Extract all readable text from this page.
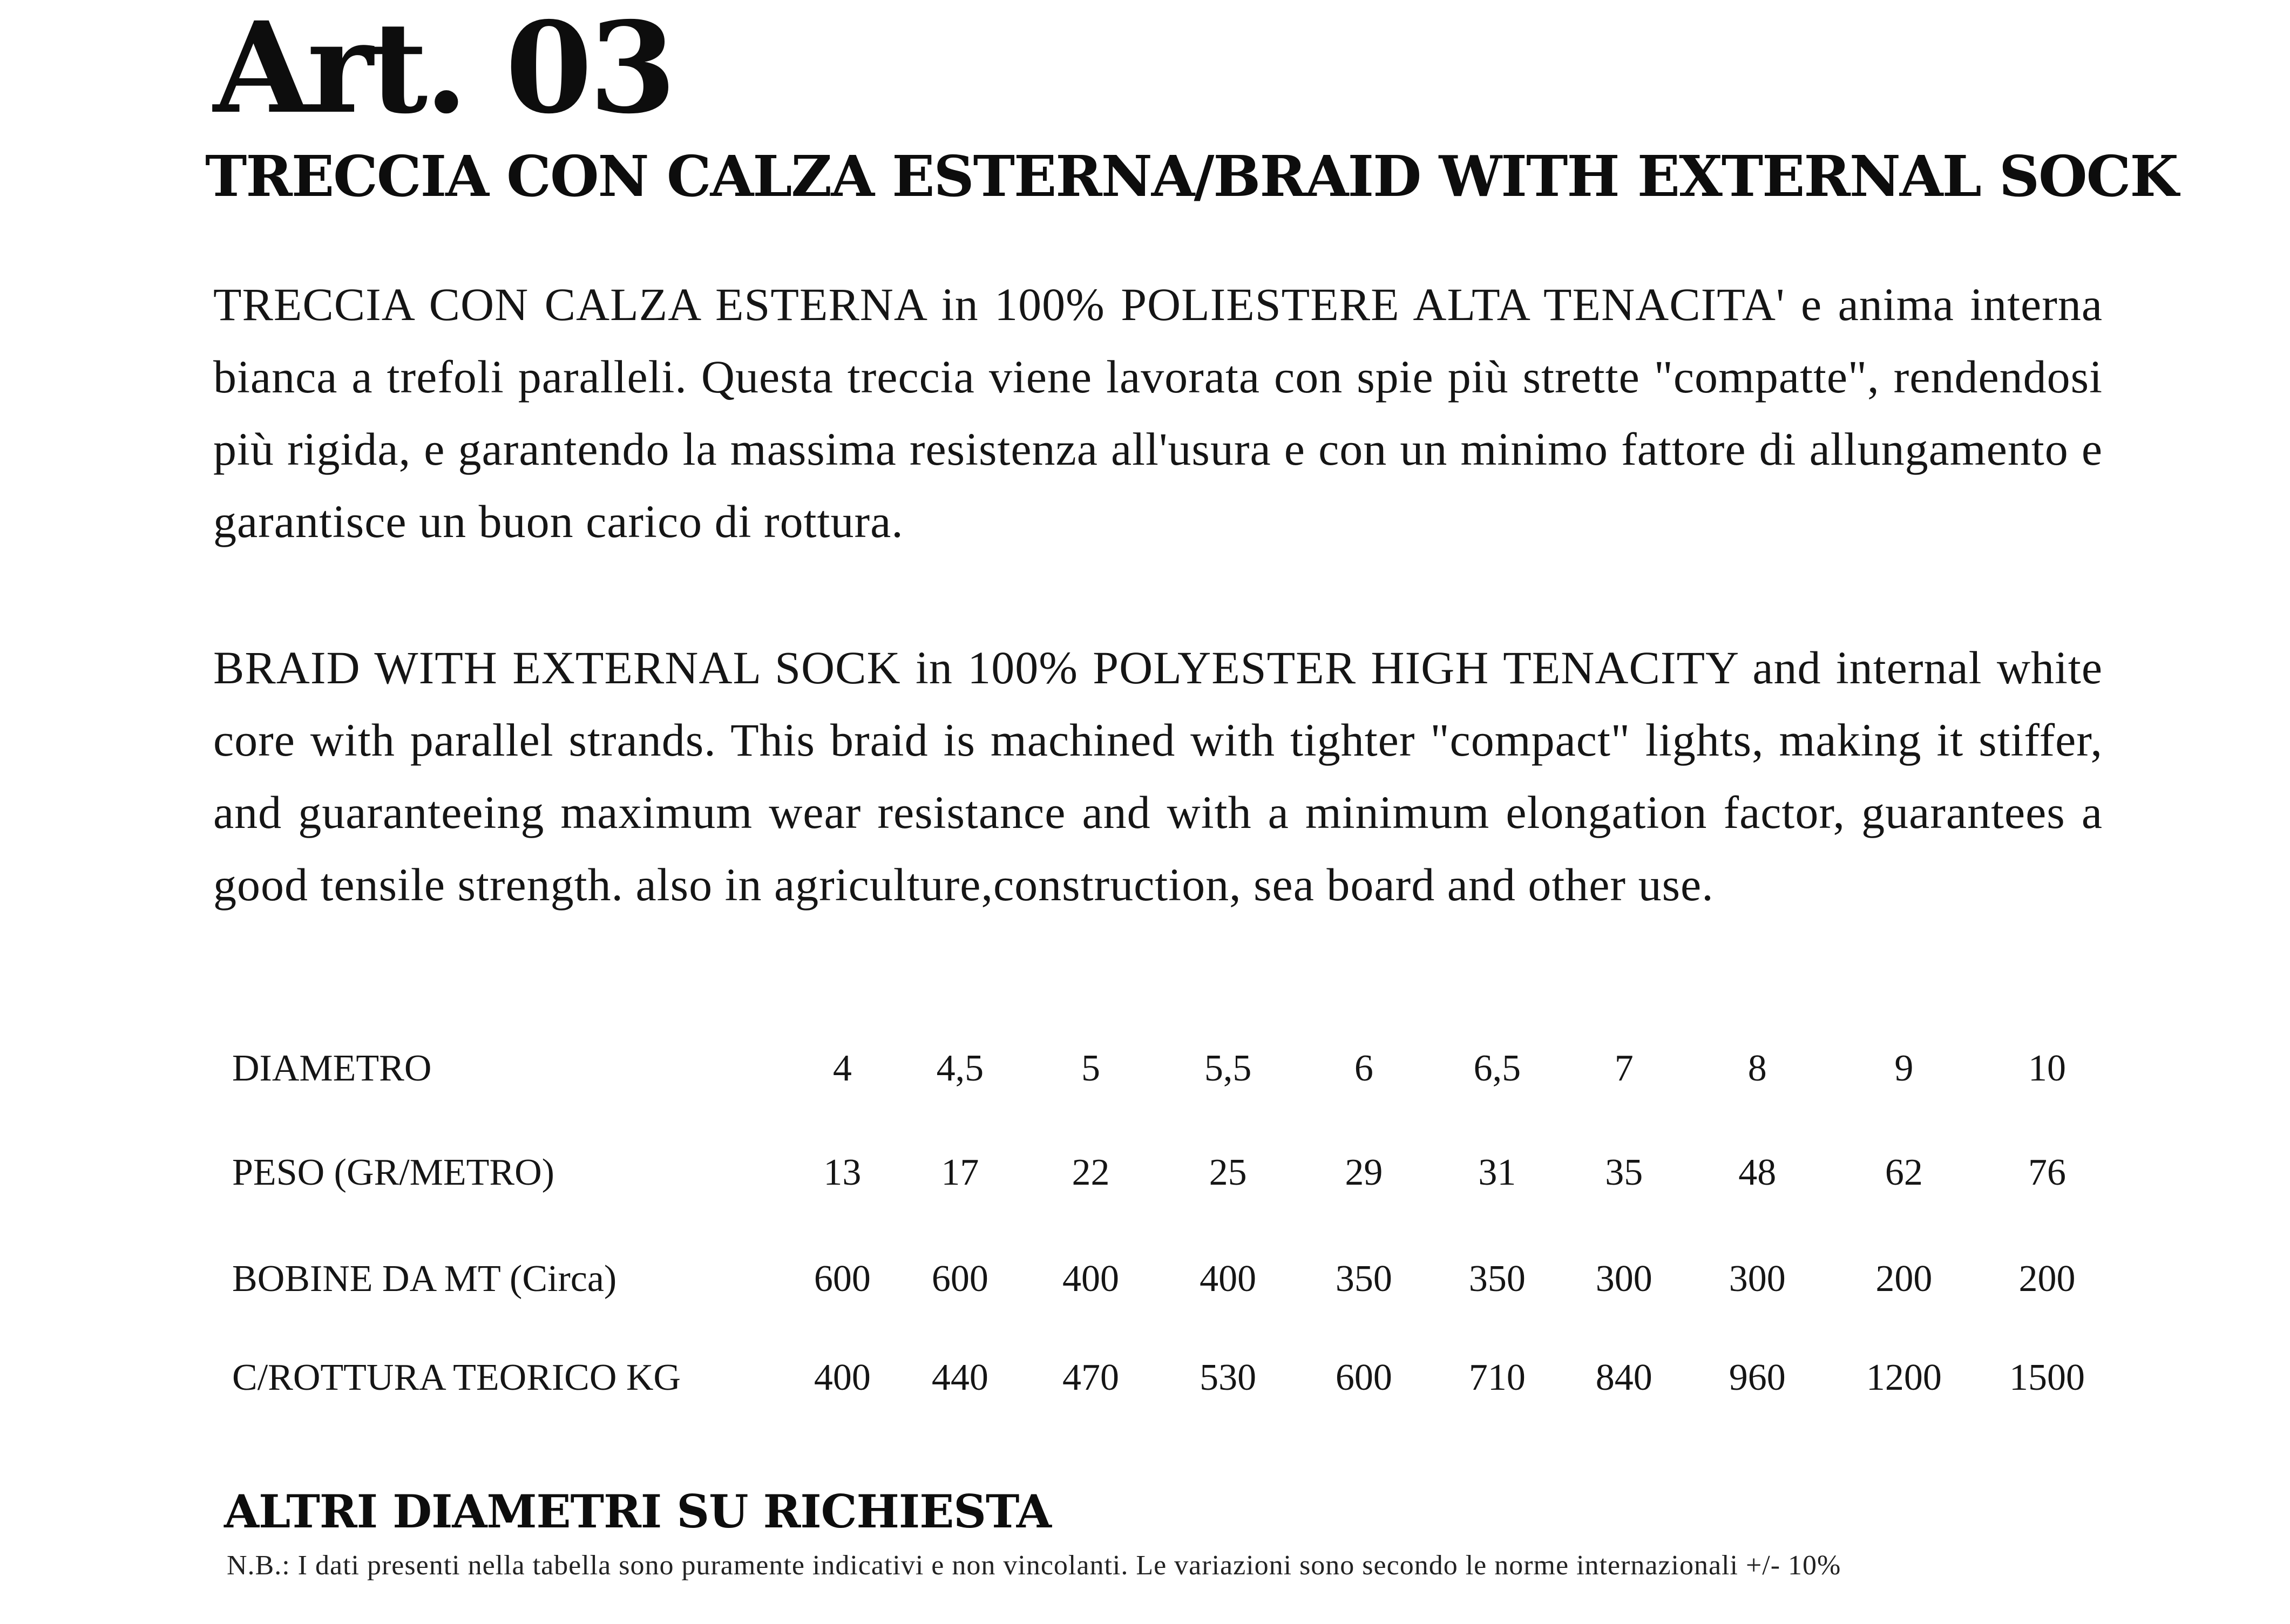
Art. 03
TRECCIA CON CALZA ESTERNA/BRAID WITH EXTERNAL SOCK

TRECCIA CON CALZA ESTERNA in 100% POLIESTERE ALTA TENACITA' e anima interna bianca a trefoli paralleli. Questa treccia viene lavorata con spie più strette "compatte", rendendosi più rigida, e garantendo la massima resistenza all'usura e con un minimo fattore di allungamento e garantisce un buon carico di rottura.

BRAID WITH EXTERNAL SOCK in 100% POLYESTER HIGH TENACITY and internal white core with parallel strands. This braid is machined with tighter "compact" lights, making it stiffer, and guaranteeing maximum wear resistance and with a minimum elongation factor, guarantees a good tensile strength. also in agriculture,construction, sea board and other use.

DIAMETRO	4	4,5	5	5,5	6	6,5	7	8	9	10
PESO (GR/METRO)	13	17	22	25	29	31	35	48	62	76
BOBINE DA MT (Circa)	600	600	400	400	350	350	300	300	200	200
C/ROTTURA TEORICO KG	400	440	470	530	600	710	840	960	1200	1500
ALTRI DIAMETRI SU RICHIESTA

N.B.: I dati presenti nella tabella sono puramente indicativi e non vincolanti. Le variazioni sono secondo le norme internazionali +/- 10%
